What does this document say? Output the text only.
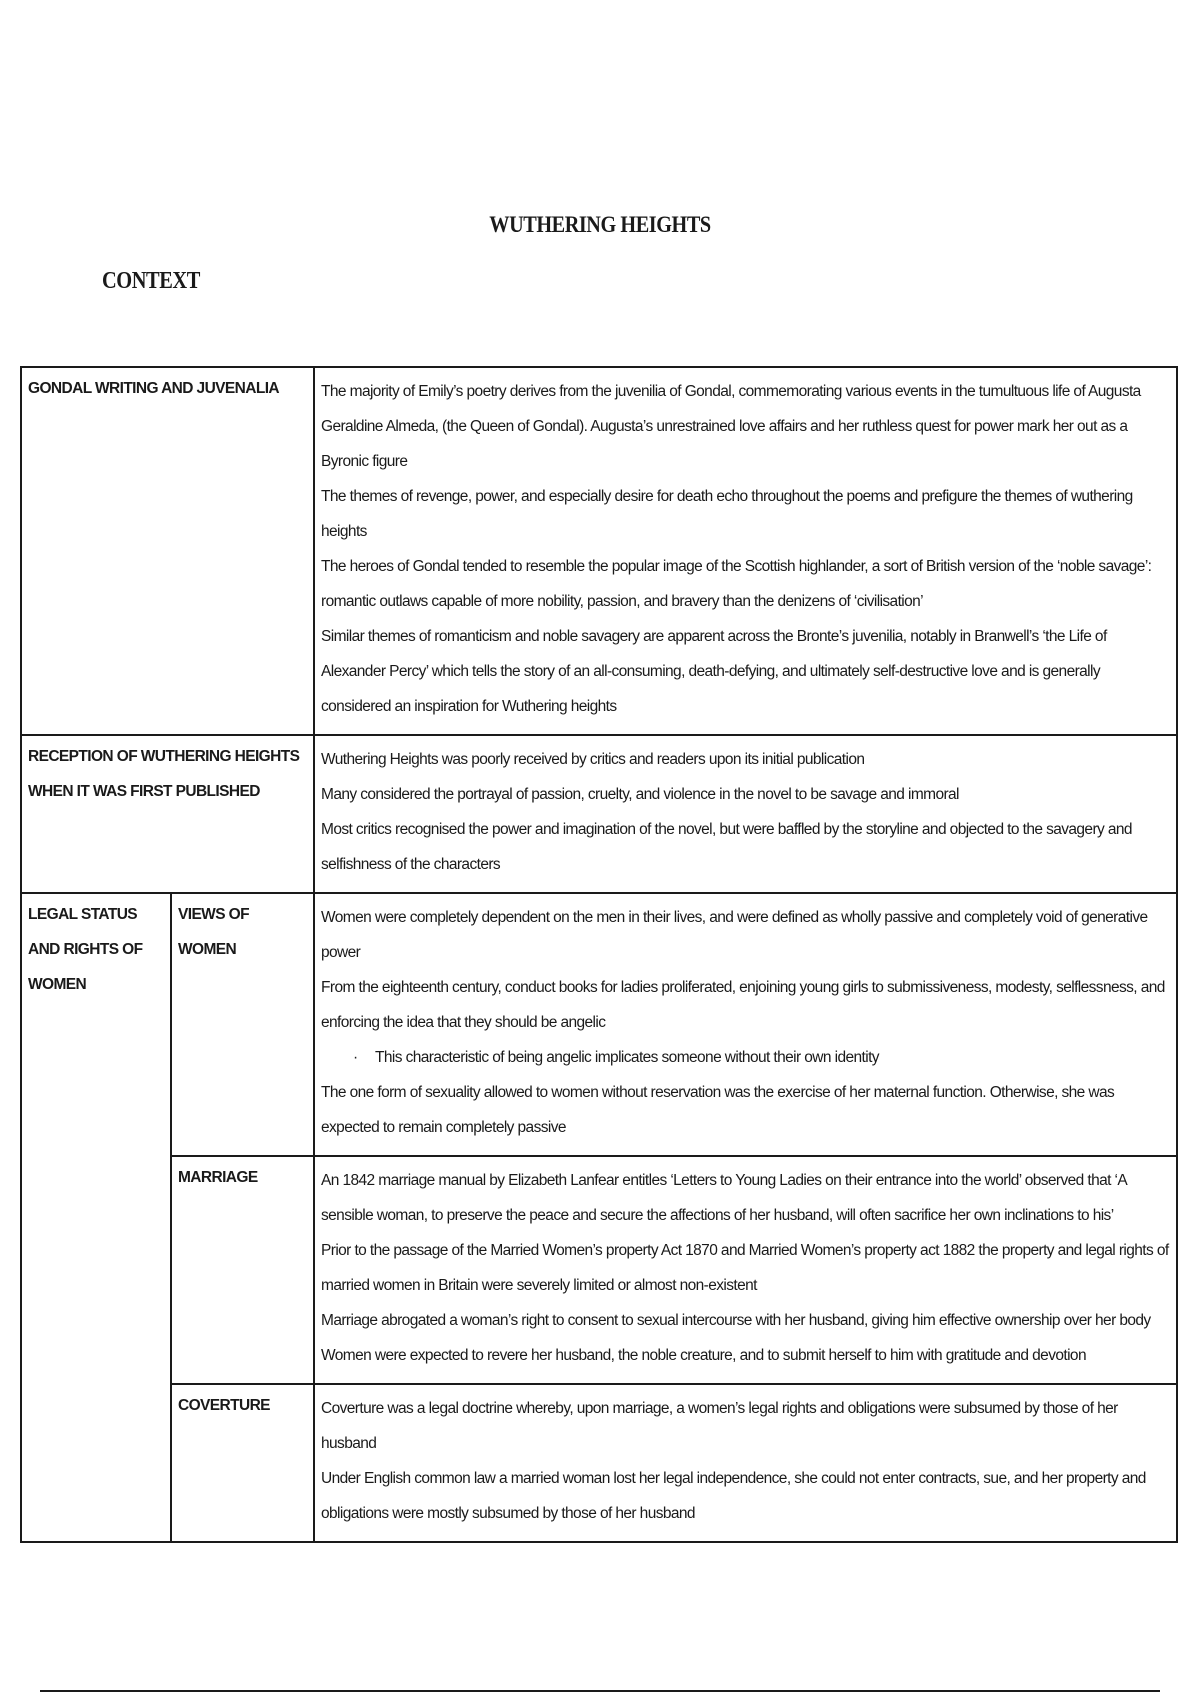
WUTHERING HEIGHTS
CONTEXT
GONDAL WRITING AND JUVENALIA		The majority of Emily’s poetry derives from the juvenilia of Gondal, commemorating various events in the tumultuous life of Augusta Geraldine Almeda, (the Queen of Gondal). Augusta’s unrestrained love affairs and her ruthless quest for power mark her out as a Byronic figure

The themes of revenge, power, and especially desire for death echo throughout the poems and prefigure the themes of wuthering heights

The heroes of Gondal tended to resemble the popular image of the Scottish highlander, a sort of British version of the ‘noble savage’: romantic outlaws capable of more nobility, passion, and bravery than the denizens of ‘civilisation’

Similar themes of romanticism and noble savagery are apparent across the Bronte’s juvenilia, notably in Branwell’s ‘the Life of Alexander Percy’ which tells the story of an all-consuming, death-defying, and ultimately self-destructive love and is generally considered an inspiration for Wuthering heights

RECEPTION OF WUTHERING HEIGHTS WHEN IT WAS FIRST PUBLISHED		Wuthering Heights was poorly received by critics and readers upon its initial publication

Many considered the portrayal of passion, cruelty, and violence in the novel to be savage and immoral

Most critics recognised the power and imagination of the novel, but were baffled by the storyline and objected to the savagery and selfishness of the characters

LEGAL STATUS AND RIGHTS OF WOMEN	VIEWS OF WOMEN	Women were completely dependent on the men in their lives, and were defined as wholly passive and completely void of generative power

From the eighteenth century, conduct books for ladies proliferated, enjoining young girls to submissiveness, modesty, selflessness, and enforcing the idea that they should be angelic

· This characteristic of being angelic implicates someone without their own identity

The one form of sexuality allowed to women without reservation was the exercise of her maternal function. Otherwise, she was expected to remain completely passive

	MARRIAGE	An 1842 marriage manual by Elizabeth Lanfear entitles ‘Letters to Young Ladies on their entrance into the world’ observed that ‘A sensible woman, to preserve the peace and secure the affections of her husband, will often sacrifice her own inclinations to his’

Prior to the passage of the Married Women’s property Act 1870 and Married Women’s property act 1882 the property and legal rights of married women in Britain were severely limited or almost non-existent

Marriage abrogated a woman’s right to consent to sexual intercourse with her husband, giving him effective ownership over her body

Women were expected to revere her husband, the noble creature, and to submit herself to him with gratitude and devotion

	COVERTURE	Coverture was a legal doctrine whereby, upon marriage, a women’s legal rights and obligations were subsumed by those of her husband

Under English common law a married woman lost her legal independence, she could not enter contracts, sue, and her property and obligations were mostly subsumed by those of her husband
